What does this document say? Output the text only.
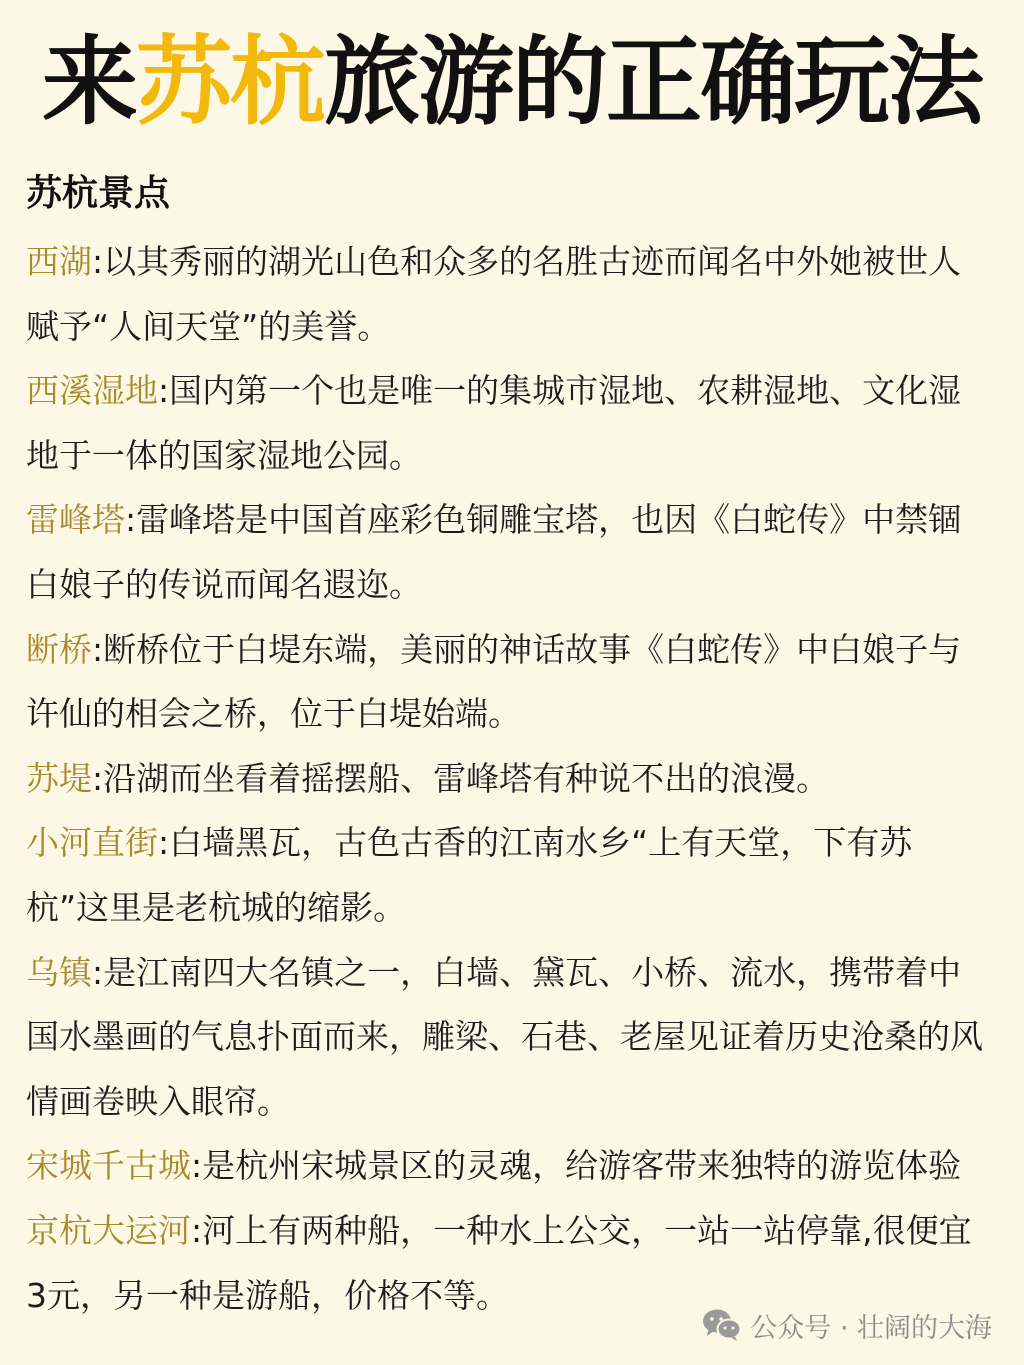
来苏杭旅游的正确玩法
苏杭景点
西湖:以其秀丽的湖光山色和众多的名胜古迹而闻名中外她被世人赋予“人间天堂”的美誉。
西溪湿地:国内第一个也是唯一的集城市湿地、农耕湿地、文化湿地于一体的国家湿地公园。
雷峰塔:雷峰塔是中国首座彩色铜雕宝塔，也因《白蛇传》中禁锢白娘子的传说而闻名遐迩。
断桥:断桥位于白堤东端，美丽的神话故事《白蛇传》中白娘子与许仙的相会之桥，位于白堤始端。
苏堤:沿湖而坐看着摇摆船、雷峰塔有种说不出的浪漫。
小河直街:白墙黑瓦，古色古香的江南水乡“上有天堂，下有苏杭”这里是老杭城的缩影。
乌镇:是江南四大名镇之一，白墙、黛瓦、小桥、流水，携带着中国水墨画的气息扑面而来，雕梁、石巷、老屋见证着历史沧桑的风情画卷映入眼帘。
宋城千古城:是杭州宋城景区的灵魂，给游客带来独特的游览体验
京杭大运河:河上有两种船，一种水上公交，一站一站停靠,很便宜3元，另一种是游船，价格不等。
公众号 · 壮阔的大海
